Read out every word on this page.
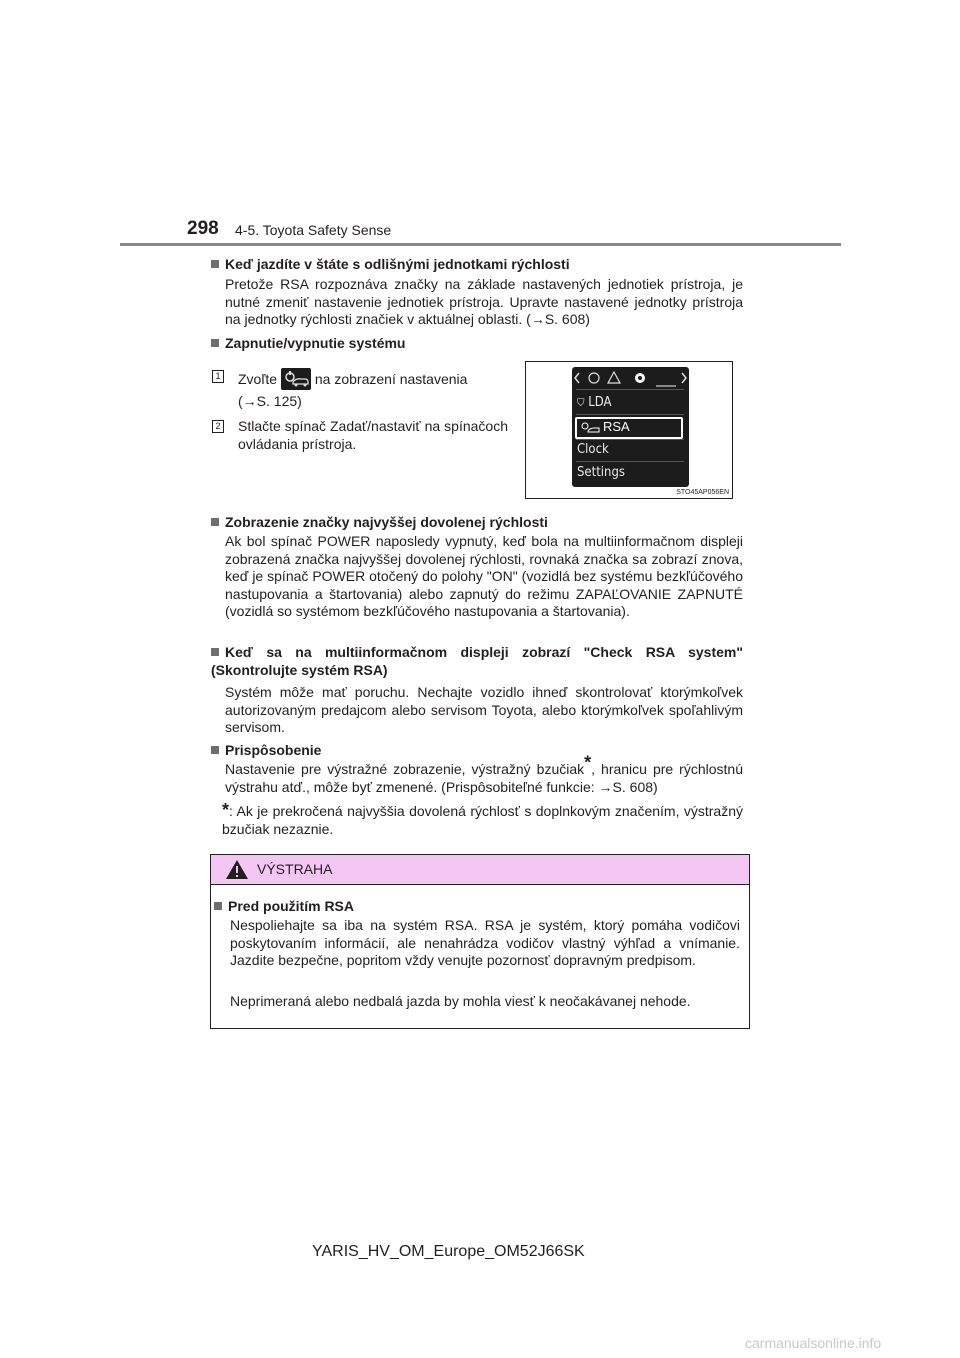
298 4-5. Toyota Safety Sense
Keď jazdíte v štáte s odlišnými jednotkami rýchlosti
Pretože RSA rozpoznáva značky na základe nastavených jednotiek prístroja, je nutné zmeniť nastavenie jednotiek prístroja. Upravte nastavené jednotky prístroja na jednotky rýchlosti značiek v aktuálnej oblasti. (→S. 608)
Zapnutie/vypnutie systému
1 Zvoľte	na zobrazení nastavenia
(→S. 125)
2 Stlačte spínač Zadať/nastaviť na spínačoch ovládania prístroja.
⛉ LDA
RSA
Clock
Settings
STO45AP056EN
Zobrazenie značky najvyššej dovolenej rýchlosti
Ak bol spínač POWER naposledy vypnutý, keď bola na multiinformačnom displeji zobrazená značka najvyššej dovolenej rýchlosti, rovnaká značka sa zobrazí znova, keď je spínač POWER otočený do polohy "ON" (vozidlá bez systému bezkľúčového nastupovania a štartovania) alebo zapnutý do režimu ZAPAĽOVANIE ZAPNUTÉ (vozidlá so systémom bezkľúčového nastupovania a štartovania).
Keď sa na multiinformačnom displeji zobrazí "Check RSA system" (Skontrolujte systém RSA)
Systém môže mať poruchu. Nechajte vozidlo ihneď skontrolovať ktorýmkoľvek autorizovaným predajcom alebo servisom Toyota, alebo ktorýmkoľvek spoľahlivým servisom.
Prispôsobenie
Nastavenie pre výstražné zobrazenie, výstražný bzučiak*, hranicu pre rýchlostnú výstrahu atď., môže byť zmenené. (Prispôsobiteľné funkcie: →S. 608)
*: Ak je prekročená najvyššia dovolená rýchlosť s doplnkovým značením, výstražný bzučiak nezaznie.
VÝSTRAHA
Pred použitím RSA
Nespoliehajte sa iba na systém RSA. RSA je systém, ktorý pomáha vodičovi poskytovaním informácií, ale nenahrádza vodičov vlastný výhľad a vnímanie. Jazdite bezpečne, popritom vždy venujte pozornosť dopravným predpisom.
Neprimeraná alebo nedbalá jazda by mohla viesť k neočakávanej nehode.
YARIS_HV_OM_Europe_OM52J66SK
carmanualsonline.info
